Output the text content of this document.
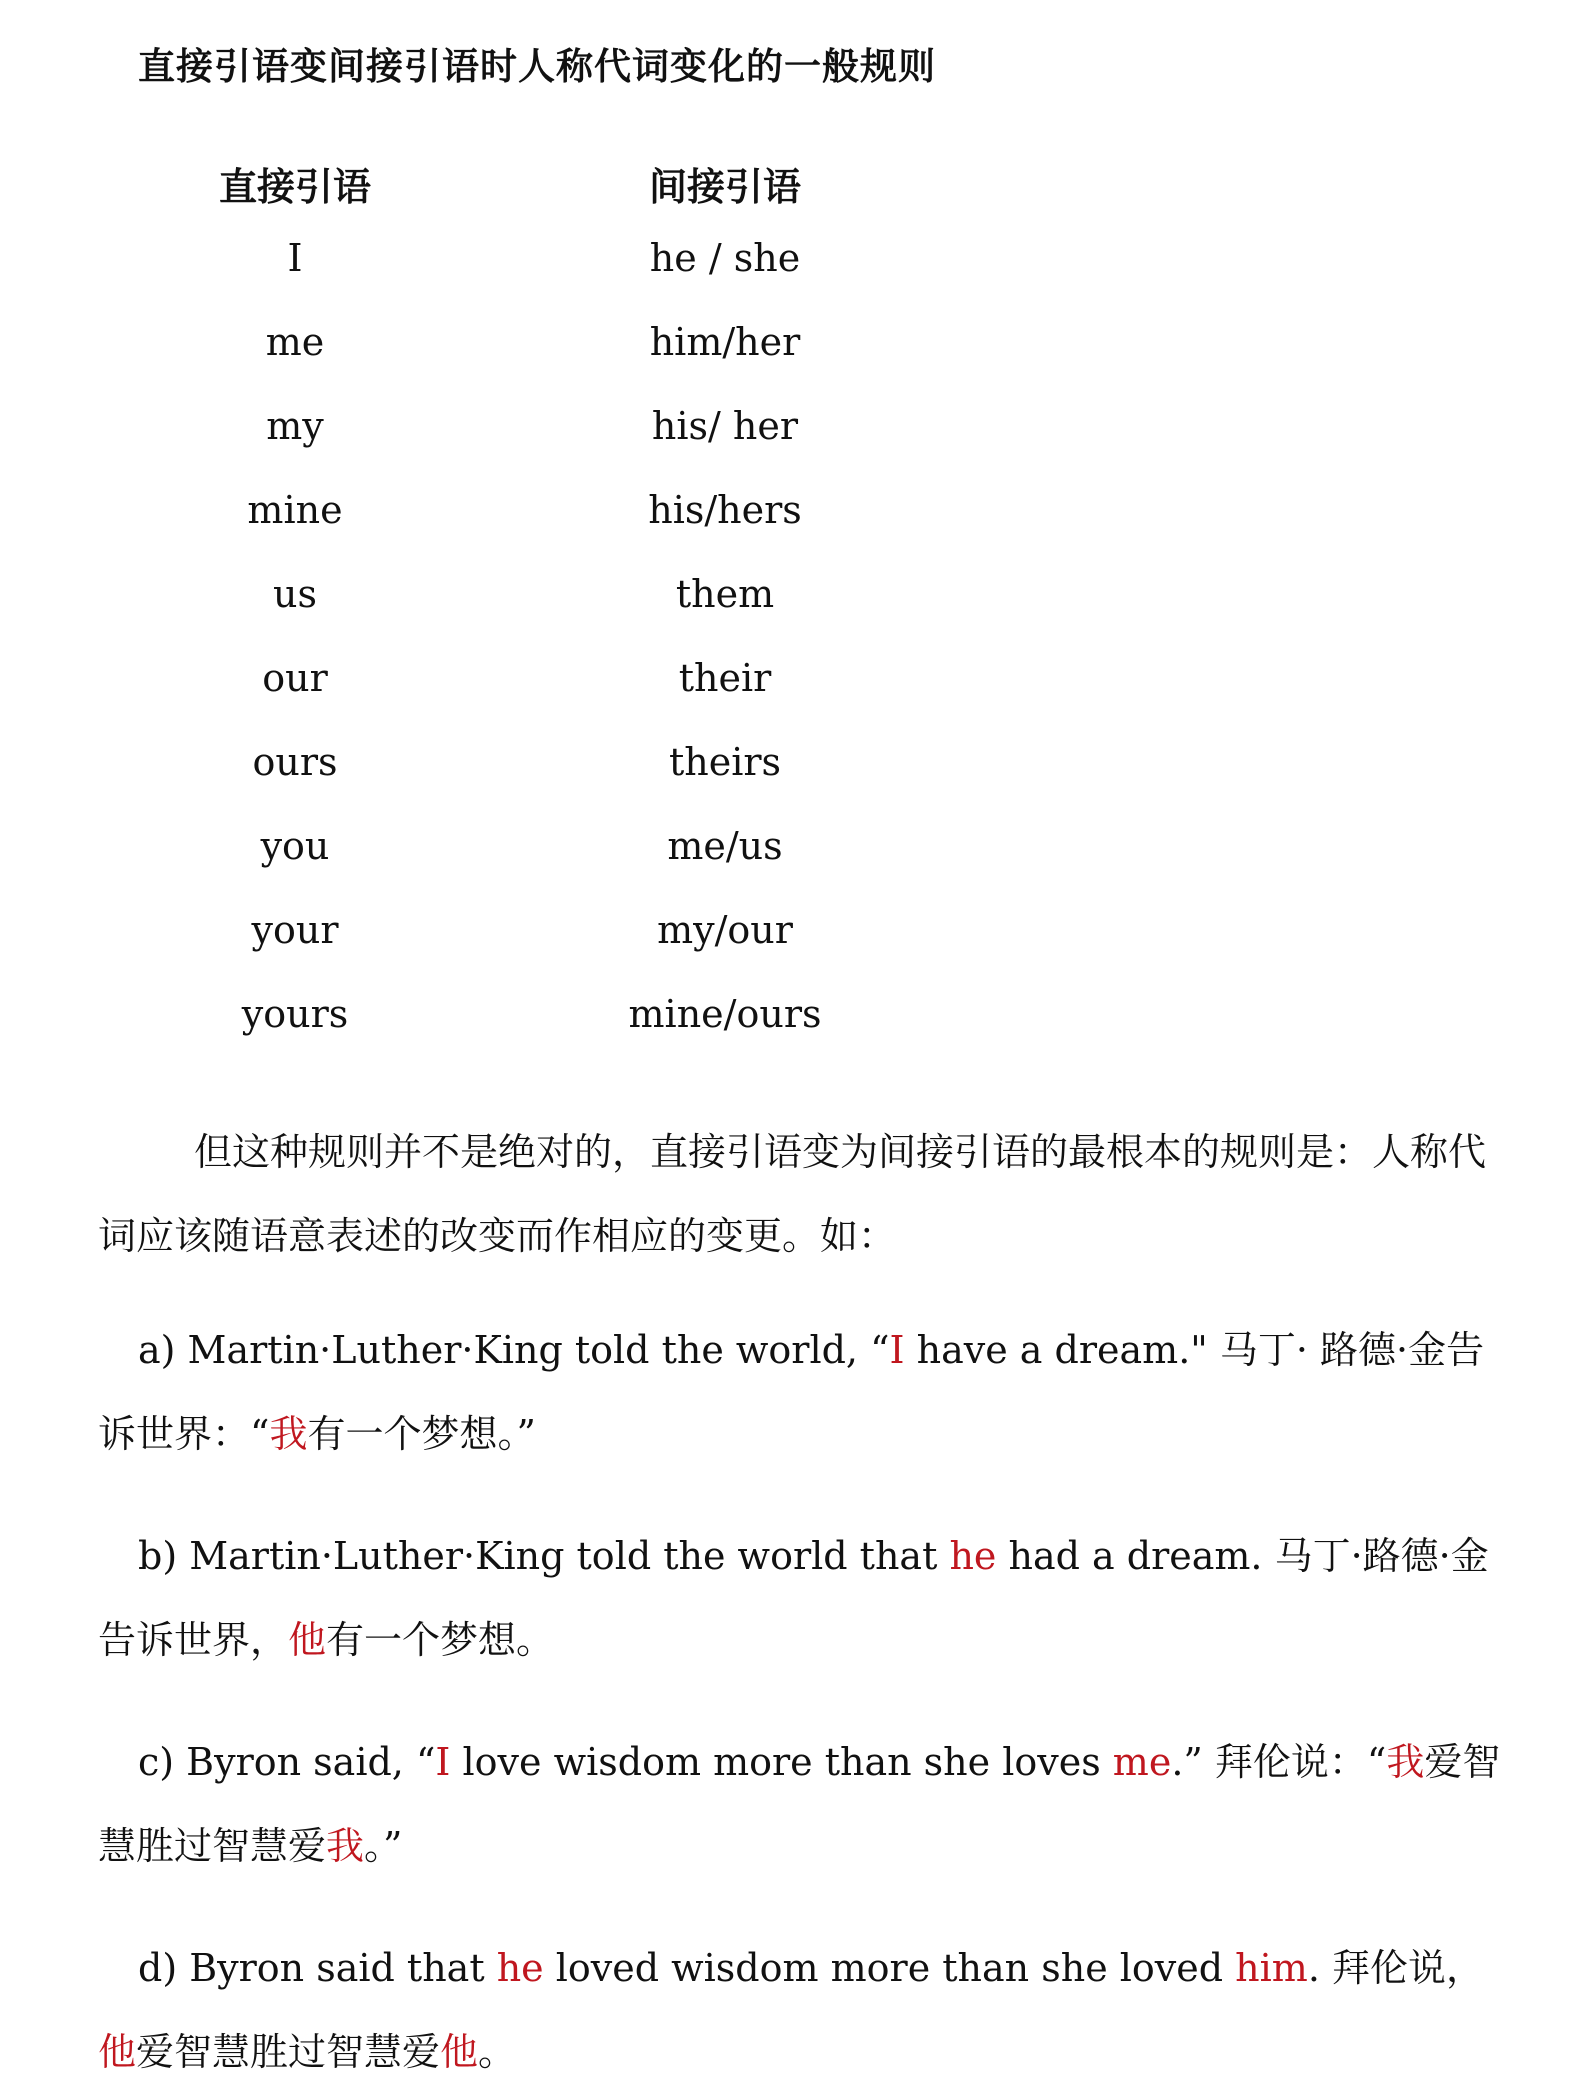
直接引语变间接引语时人称代词变化的一般规则
直接引语	间接引语
I	he / she
me	him/her
my	his/ her
mine	his/hers
us	them
our	their
ours	theirs
you	me/us
your	my/our
yours	mine/ours

但这种规则并不是绝对的，直接引语变为间接引语的最根本的规则是：人称代词应该随语意表述的改变而作相应的变更。如：

a) Martin·Luther·King told the world, “I have a dream." 马丁· 路德·金告诉世界：“我有一个梦想。”

b) Martin·Luther·King told the world that he had a dream. 马丁·路德·金告诉世界，他有一个梦想。

c) Byron said, “I love wisdom more than she loves me.” 拜伦说：“我爱智慧胜过智慧爱我。”

d) Byron said that he loved wisdom more than she loved him. 拜伦说，他爱智慧胜过智慧爱他。
